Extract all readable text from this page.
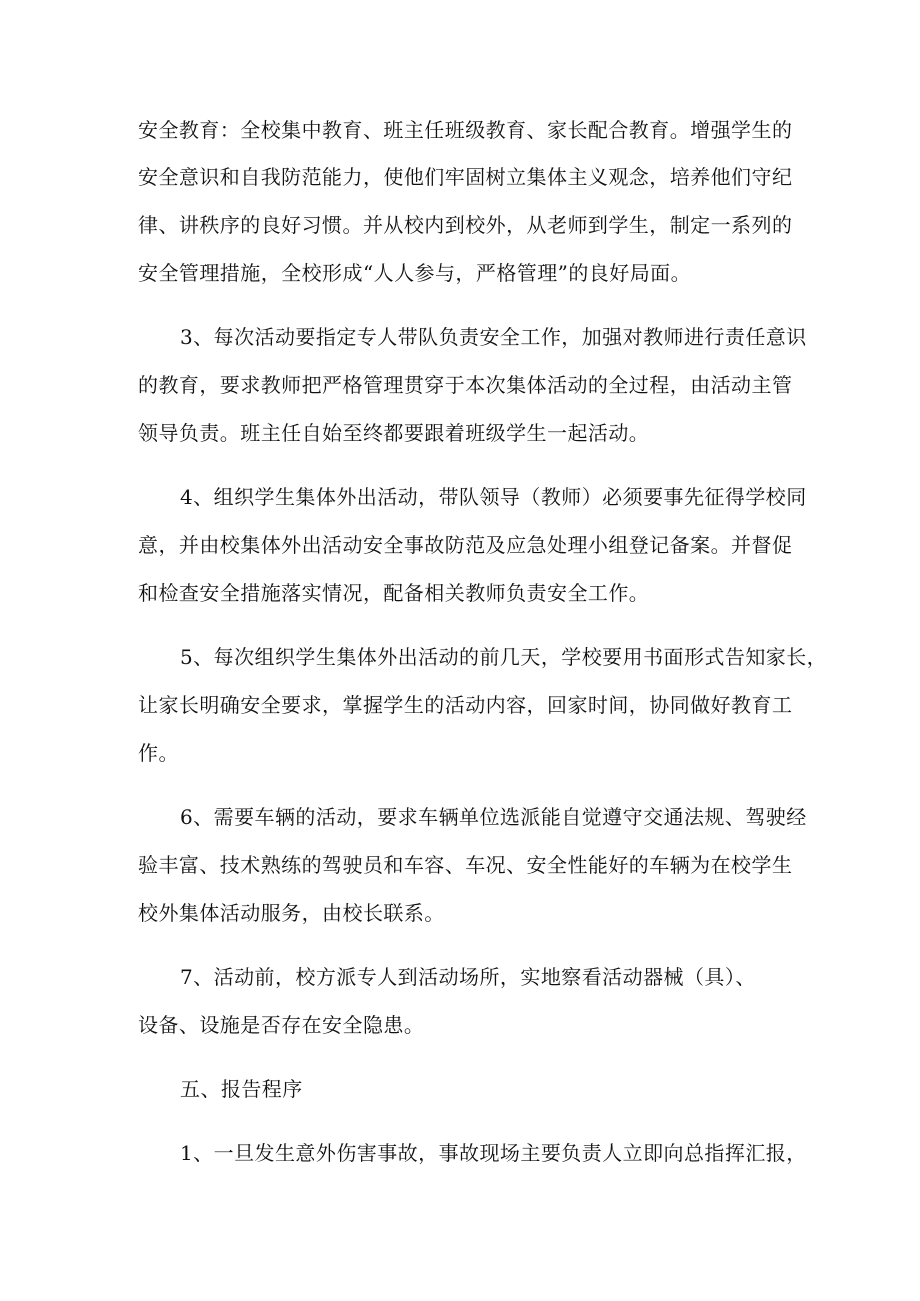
安全教育：全校集中教育、班主任班级教育、家长配合教育。增强学生的
安全意识和自我防范能力，使他们牢固树立集体主义观念，培养他们守纪
律、讲秩序的良好习惯。并从校内到校外，从老师到学生，制定一系列的
安全管理措施，全校形成“人人参与，严格管理”的良好局面。
3、每次活动要指定专人带队负责安全工作，加强对教师进行责任意识
的教育，要求教师把严格管理贯穿于本次集体活动的全过程，由活动主管
领导负责。班主任自始至终都要跟着班级学生一起活动。
4、组织学生集体外出活动，带队领导（教师）必须要事先征得学校同
意，并由校集体外出活动安全事故防范及应急处理小组登记备案。并督促
和检查安全措施落实情况，配备相关教师负责安全工作。
5、每次组织学生集体外出活动的前几天，学校要用书面形式告知家长，
让家长明确安全要求，掌握学生的活动内容，回家时间，协同做好教育工
作。
6、需要车辆的活动，要求车辆单位选派能自觉遵守交通法规、驾驶经
验丰富、技术熟练的驾驶员和车容、车况、安全性能好的车辆为在校学生
校外集体活动服务，由校长联系。
7、活动前，校方派专人到活动场所，实地察看活动器械（具）、
设备、设施是否存在安全隐患。
五、报告程序
1、一旦发生意外伤害事故，事故现场主要负责人立即向总指挥汇报，
